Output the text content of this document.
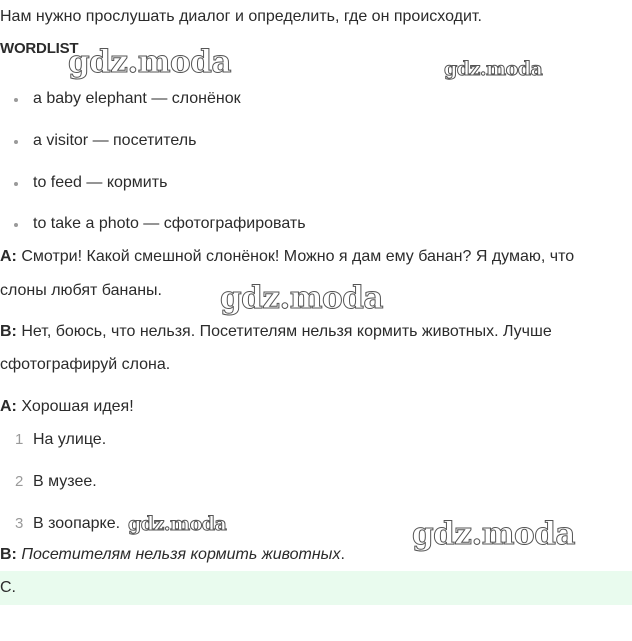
Нам нужно прослушать диалог и определить, где он происходит.
WORDLIST
a baby elephant — слонёнок
a visitor — посетитель
to feed — кормить
to take a photo — сфотографировать
A: Смотри! Какой смешной слонёнок! Можно я дам ему банан? Я думаю, что
слоны любят бананы.
B: Нет, боюсь, что нельзя. Посетителям нельзя кормить животных. Лучше
сфотографируй слона.
A: Хорошая идея!
1 На улице.
2 В музее.
3 В зоопарке.
B: Посетителям нельзя кормить животных.
C.
gdz.moda	gdz.moda
gdz.moda
gdz.moda	gdz.moda
